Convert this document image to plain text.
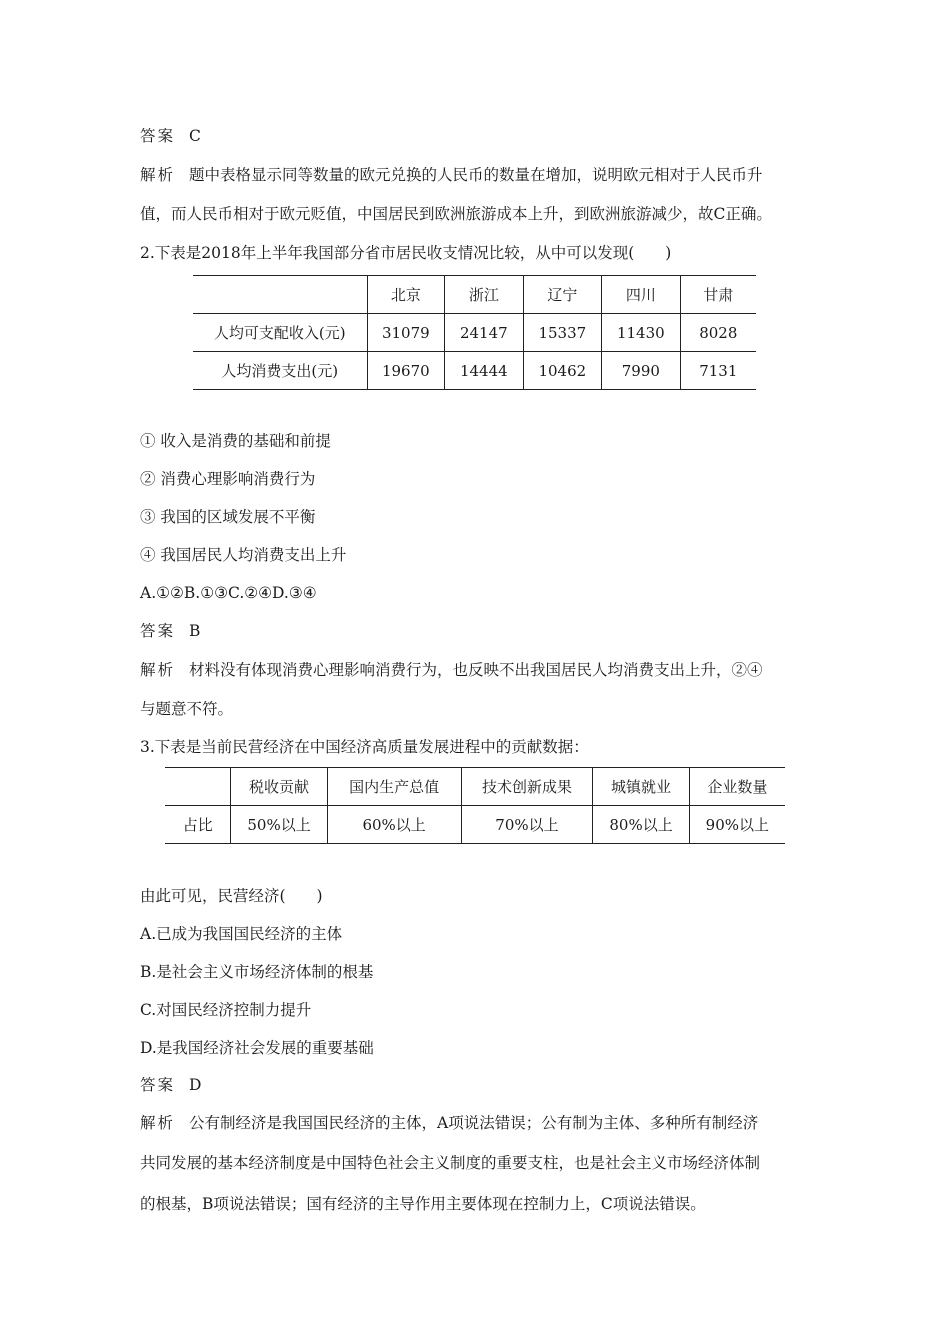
答案 C
解析 题中表格显示同等数量的欧元兑换的人民币的数量在增加，说明欧元相对于人民币升
值，而人民币相对于欧元贬值，中国居民到欧洲旅游成本上升，到欧洲旅游减少，故C正确。
2.下表是2018年上半年我国部分省市居民收支情况比较，从中可以发现(　　)
	北京	浙江	辽宁	四川	甘肃
人均可支配收入(元)	31079	24147	15337	11430	8028
人均消费支出(元)	19670	14444	10462	7990	7131
① 收入是消费的基础和前提
② 消费心理影响消费行为
③ 我国的区域发展不平衡
④ 我国居民人均消费支出上升
A.①②B.①③C.②④D.③④
答案 B
解析 材料没有体现消费心理影响消费行为，也反映不出我国居民人均消费支出上升，②④
与题意不符。
3.下表是当前民营经济在中国经济高质量发展进程中的贡献数据：
	税收贡献	国内生产总值	技术创新成果	城镇就业	企业数量
占比	50%以上	60%以上	70%以上	80%以上	90%以上
由此可见，民营经济(　　)
A.已成为我国国民经济的主体
B.是社会主义市场经济体制的根基
C.对国民经济控制力提升
D.是我国经济社会发展的重要基础
答案 D
解析 公有制经济是我国国民经济的主体，A项说法错误；公有制为主体、多种所有制经济
共同发展的基本经济制度是中国特色社会主义制度的重要支柱，也是社会主义市场经济体制
的根基，B项说法错误；国有经济的主导作用主要体现在控制力上，C项说法错误。
